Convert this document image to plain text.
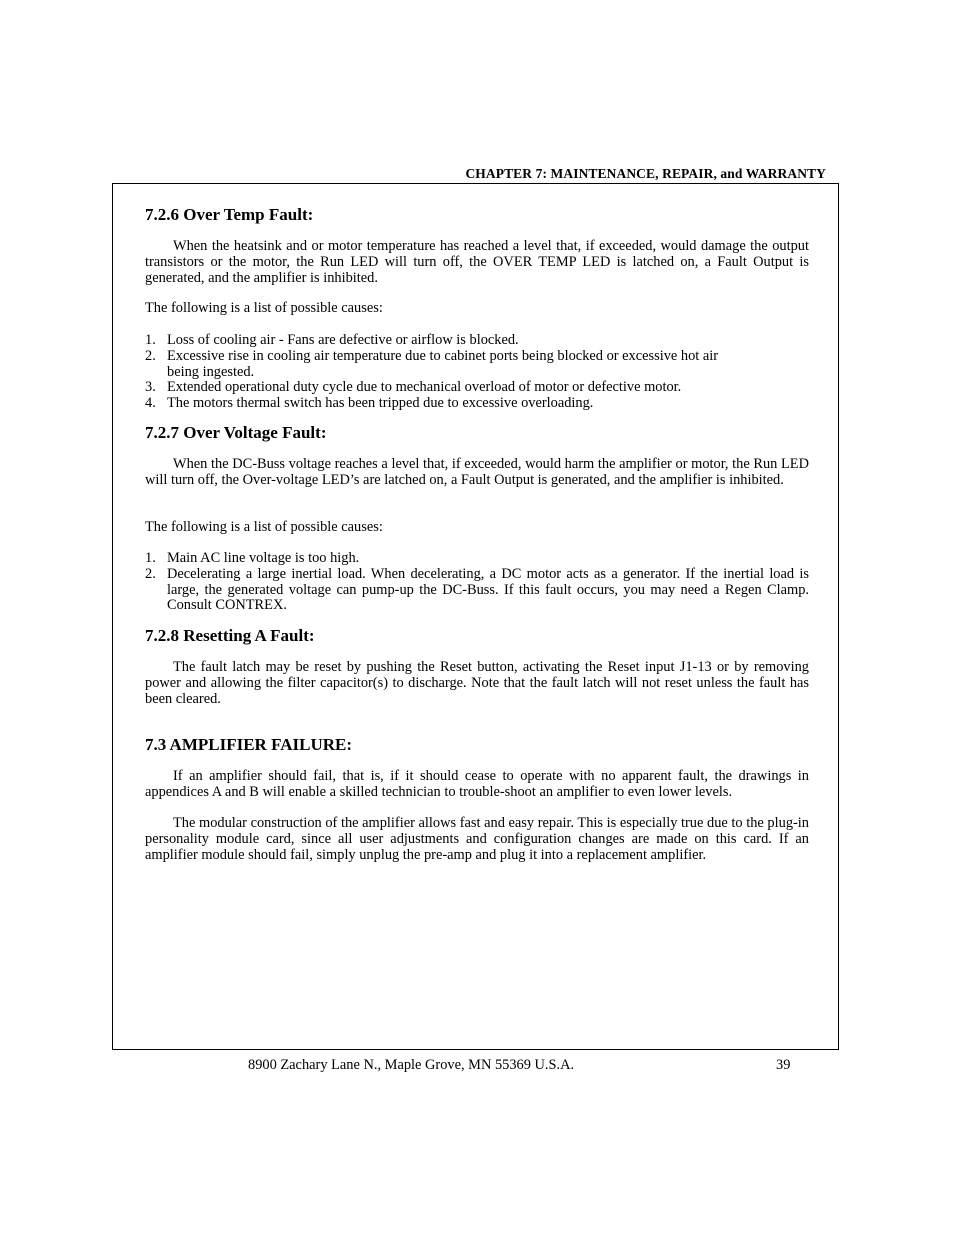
CHAPTER 7: MAINTENANCE, REPAIR, and WARRANTY
7.2.6 Over Temp Fault:

When the heatsink and or motor temperature has reached a level that, if exceeded, would damage the output transistors or the motor, the Run LED will turn off, the OVER TEMP LED is latched on, a Fault Output is generated, and the amplifier is inhibited.

The following is a list of possible causes:

1. Loss of cooling air - Fans are defective or airflow is blocked.
2. Excessive rise in cooling air temperature due to cabinet ports being blocked or excessive hot air being ingested.
3. Extended operational duty cycle due to mechanical overload of motor or defective motor.
4. The motors thermal switch has been tripped due to excessive overloading.
7.2.7 Over Voltage Fault:

When the DC-Buss voltage reaches a level that, if exceeded, would harm the amplifier or motor, the Run LED will turn off, the Over-voltage LED’s are latched on, a Fault Output is generated, and the amplifier is inhibited.

The following is a list of possible causes:

1. Main AC line voltage is too high.
2. Decelerating a large inertial load. When decelerating, a DC motor acts as a generator. If the inertial load is large, the generated voltage can pump-up the DC-Buss. If this fault occurs, you may need a Regen Clamp. Consult CONTREX.
7.2.8 Resetting A Fault:

The fault latch may be reset by pushing the Reset button, activating the Reset input J1-13 or by removing power and allowing the filter capacitor(s) to discharge. Note that the fault latch will not reset unless the fault has been cleared.

7.3 AMPLIFIER FAILURE:

If an amplifier should fail, that is, if it should cease to operate with no apparent fault, the drawings in appendices A and B will enable a skilled technician to trouble-shoot an amplifier to even lower levels.

The modular construction of the amplifier allows fast and easy repair. This is especially true due to the plug-in personality module card, since all user adjustments and configuration changes are made on this card. If an amplifier module should fail, simply unplug the pre-amp and plug it into a replacement amplifier.

8900 Zachary Lane N., Maple Grove, MN 55369 U.S.A.	39
